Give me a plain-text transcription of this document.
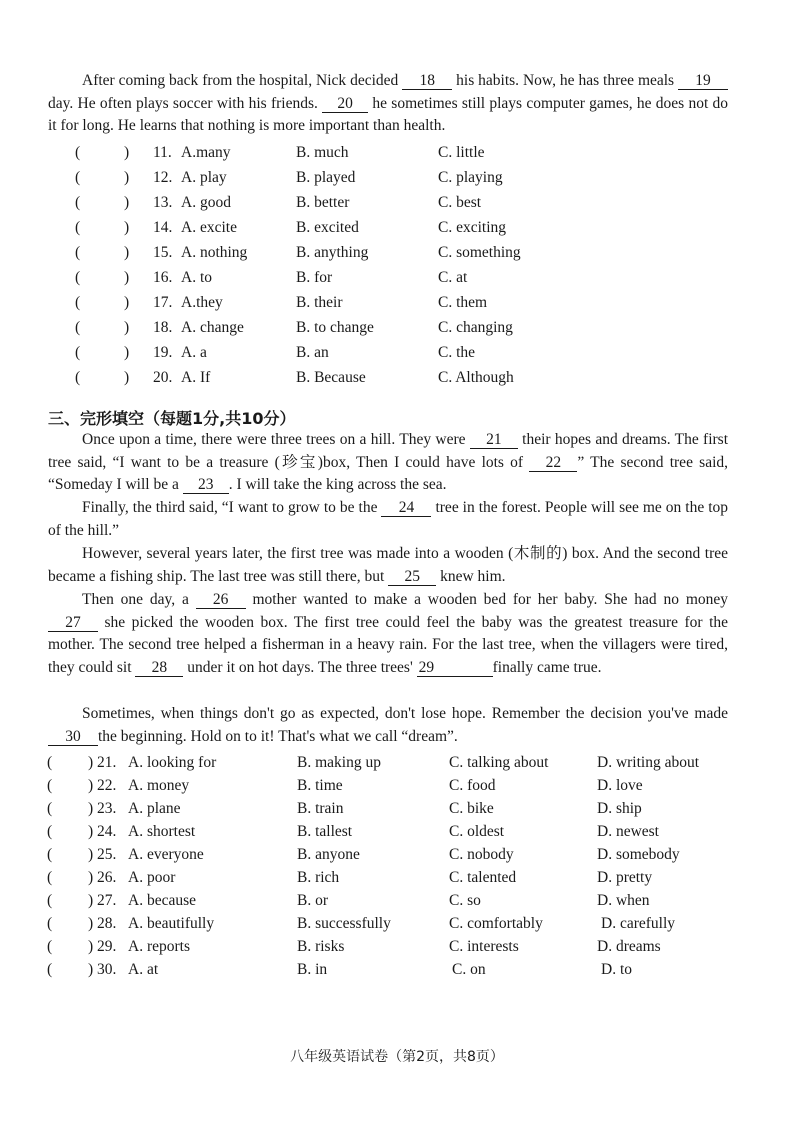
After coming back from the hospital, Nick decided 18 his habits. Now, he has three meals 19 day. He often plays soccer with his friends. 20 he sometimes still plays computer games, he does not do it for long. He learns that nothing is more important than health.

(	) 11. A.many	B. much	C. little
(	) 12. A. play	B. played	C. playing
(	) 13. A. good	B. better	C. best
(	) 14. A. excite	B. excited	C. exciting
(	) 15. A. nothing	B. anything	C. something
(	) 16. A. to	B. for	C. at
(	) 17. A.they	B. their	C. them
(	) 18. A. change	B. to change	C. changing
(	) 19. A. a	B. an	C. the
(	) 20. A. If	B. Because	C. Although
三、完形填空（每题1分,共10分）

Once upon a time, there were three trees on a hill. They were 21 their hopes and dreams. The first tree said, “I want to be a treasure (珍宝)box, Then I could have lots of 22 ” The second tree said, “Someday I will be a 23 . I will take the king across the sea.

Finally, the third said, “I want to grow to be the 24 tree in the forest. People will see me on the top of the hill.”

However, several years later, the first tree was made into a wooden (木制的) box. And the second tree became a fishing ship. The last tree was still there, but 25 knew him.

Then one day, a 26 mother wanted to make a wooden bed for her baby. She had no money 27 she picked the wooden box. The first tree could feel the baby was the greatest treasure for the mother. The second tree helped a fisherman in a heavy rain. For the last tree, when the villagers were tired, they could sit 28 under it on hot days. The three trees' 29	finally came true.

Sometimes, when things don't go as expected, don't lose hope. Remember the decision you've made 30 the beginning. Hold on to it! That's what we call “dream”.

( ) 21. A. looking for	B. making up	C. talking about	D. writing about
( ) 22. A. money	B. time	C. food	D. love
( ) 23. A. plane	B. train	C. bike	D. ship
( ) 24. A. shortest	B. tallest	C. oldest	D. newest
( ) 25. A. everyone	B. anyone	C. nobody	D. somebody
( ) 26. A. poor	B. rich	C. talented	D. pretty
( ) 27. A. because	B. or	C. so	D. when
( ) 28. A. beautifully	B. successfully	C. comfortably	D. carefully
( ) 29. A. reports	B. risks	C. interests	D. dreams
( ) 30. A. at	B. in	C. on	D. to
八年级英语试卷（第2页，共8页）
